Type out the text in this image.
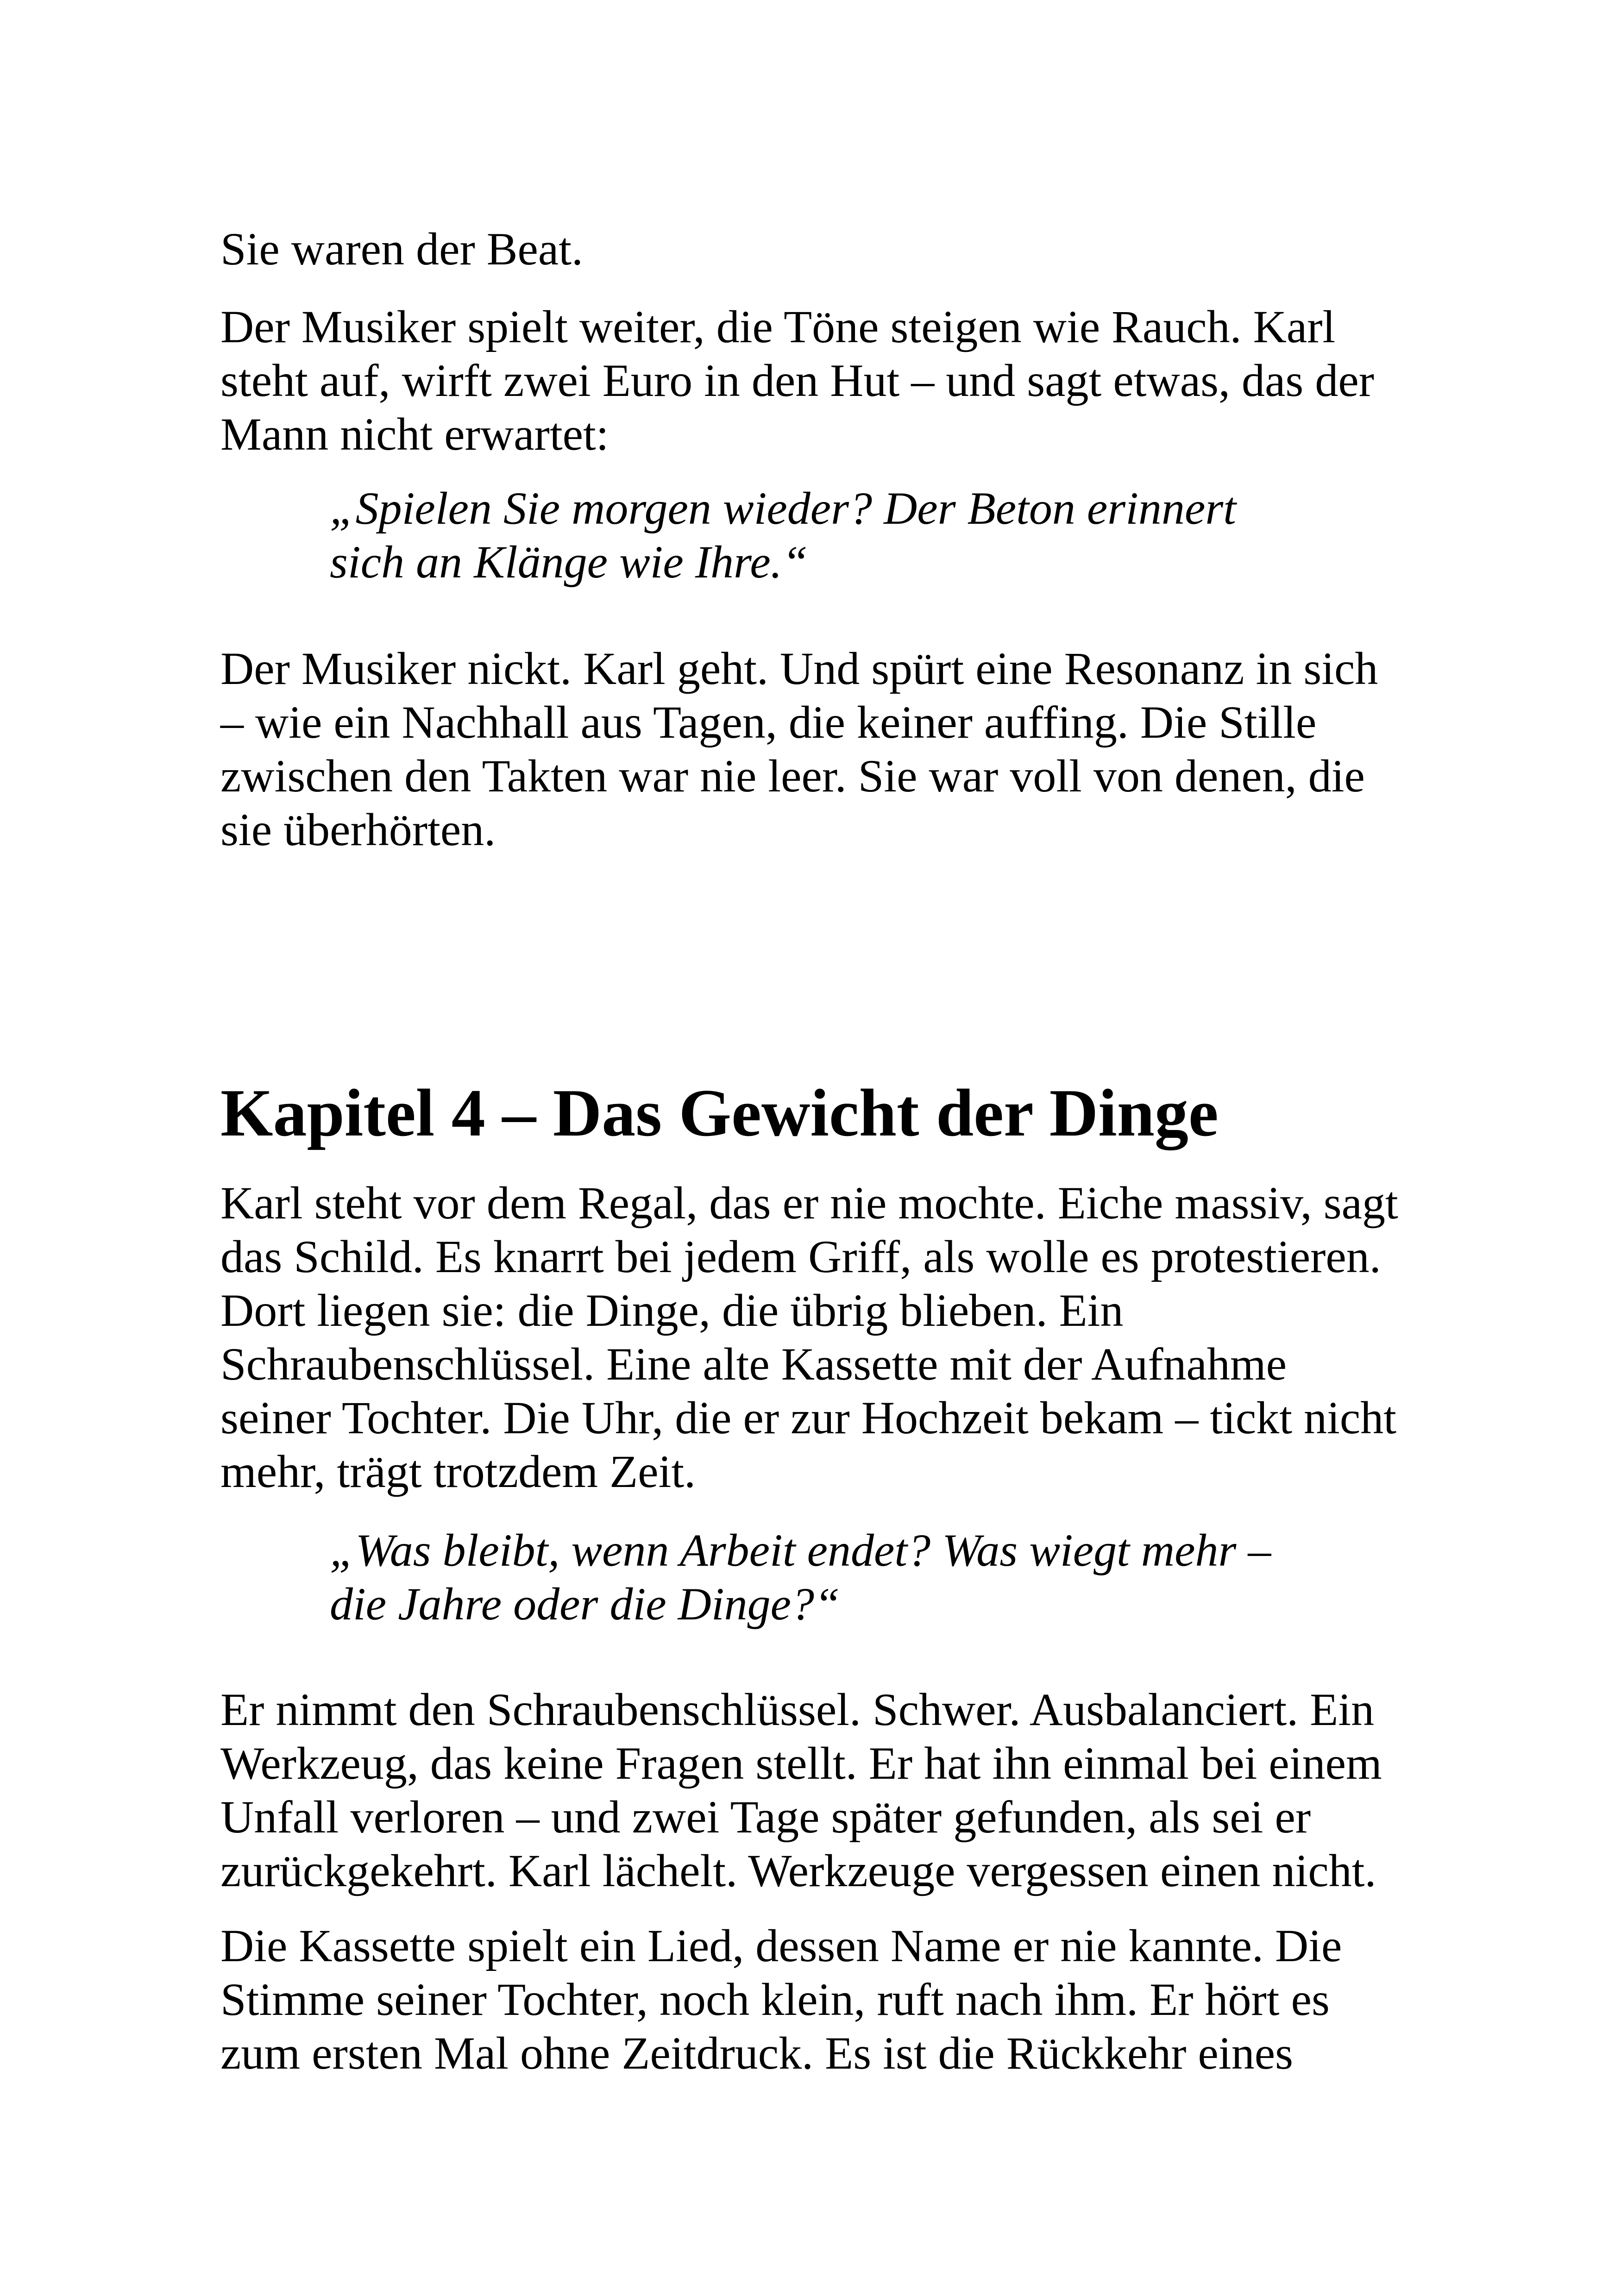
Sie waren der Beat.
Der Musiker spielt weiter, die Töne steigen wie Rauch. Karl
steht auf, wirft zwei Euro in den Hut – und sagt etwas, das der
Mann nicht erwartet:
„Spielen Sie morgen wieder? Der Beton erinnert
sich an Klänge wie Ihre.“
Der Musiker nickt. Karl geht. Und spürt eine Resonanz in sich
– wie ein Nachhall aus Tagen, die keiner auffing. Die Stille
zwischen den Takten war nie leer. Sie war voll von denen, die
sie überhörten.
Kapitel 4 – Das Gewicht der Dinge
Karl steht vor dem Regal, das er nie mochte. Eiche massiv, sagt
das Schild. Es knarrt bei jedem Griff, als wolle es protestieren.
Dort liegen sie: die Dinge, die übrig blieben. Ein
Schraubenschlüssel. Eine alte Kassette mit der Aufnahme
seiner Tochter. Die Uhr, die er zur Hochzeit bekam – tickt nicht
mehr, trägt trotzdem Zeit.
„Was bleibt, wenn Arbeit endet? Was wiegt mehr –
die Jahre oder die Dinge?“
Er nimmt den Schraubenschlüssel. Schwer. Ausbalanciert. Ein
Werkzeug, das keine Fragen stellt. Er hat ihn einmal bei einem
Unfall verloren – und zwei Tage später gefunden, als sei er
zurückgekehrt. Karl lächelt. Werkzeuge vergessen einen nicht.
Die Kassette spielt ein Lied, dessen Name er nie kannte. Die
Stimme seiner Tochter, noch klein, ruft nach ihm. Er hört es
zum ersten Mal ohne Zeitdruck. Es ist die Rückkehr eines
